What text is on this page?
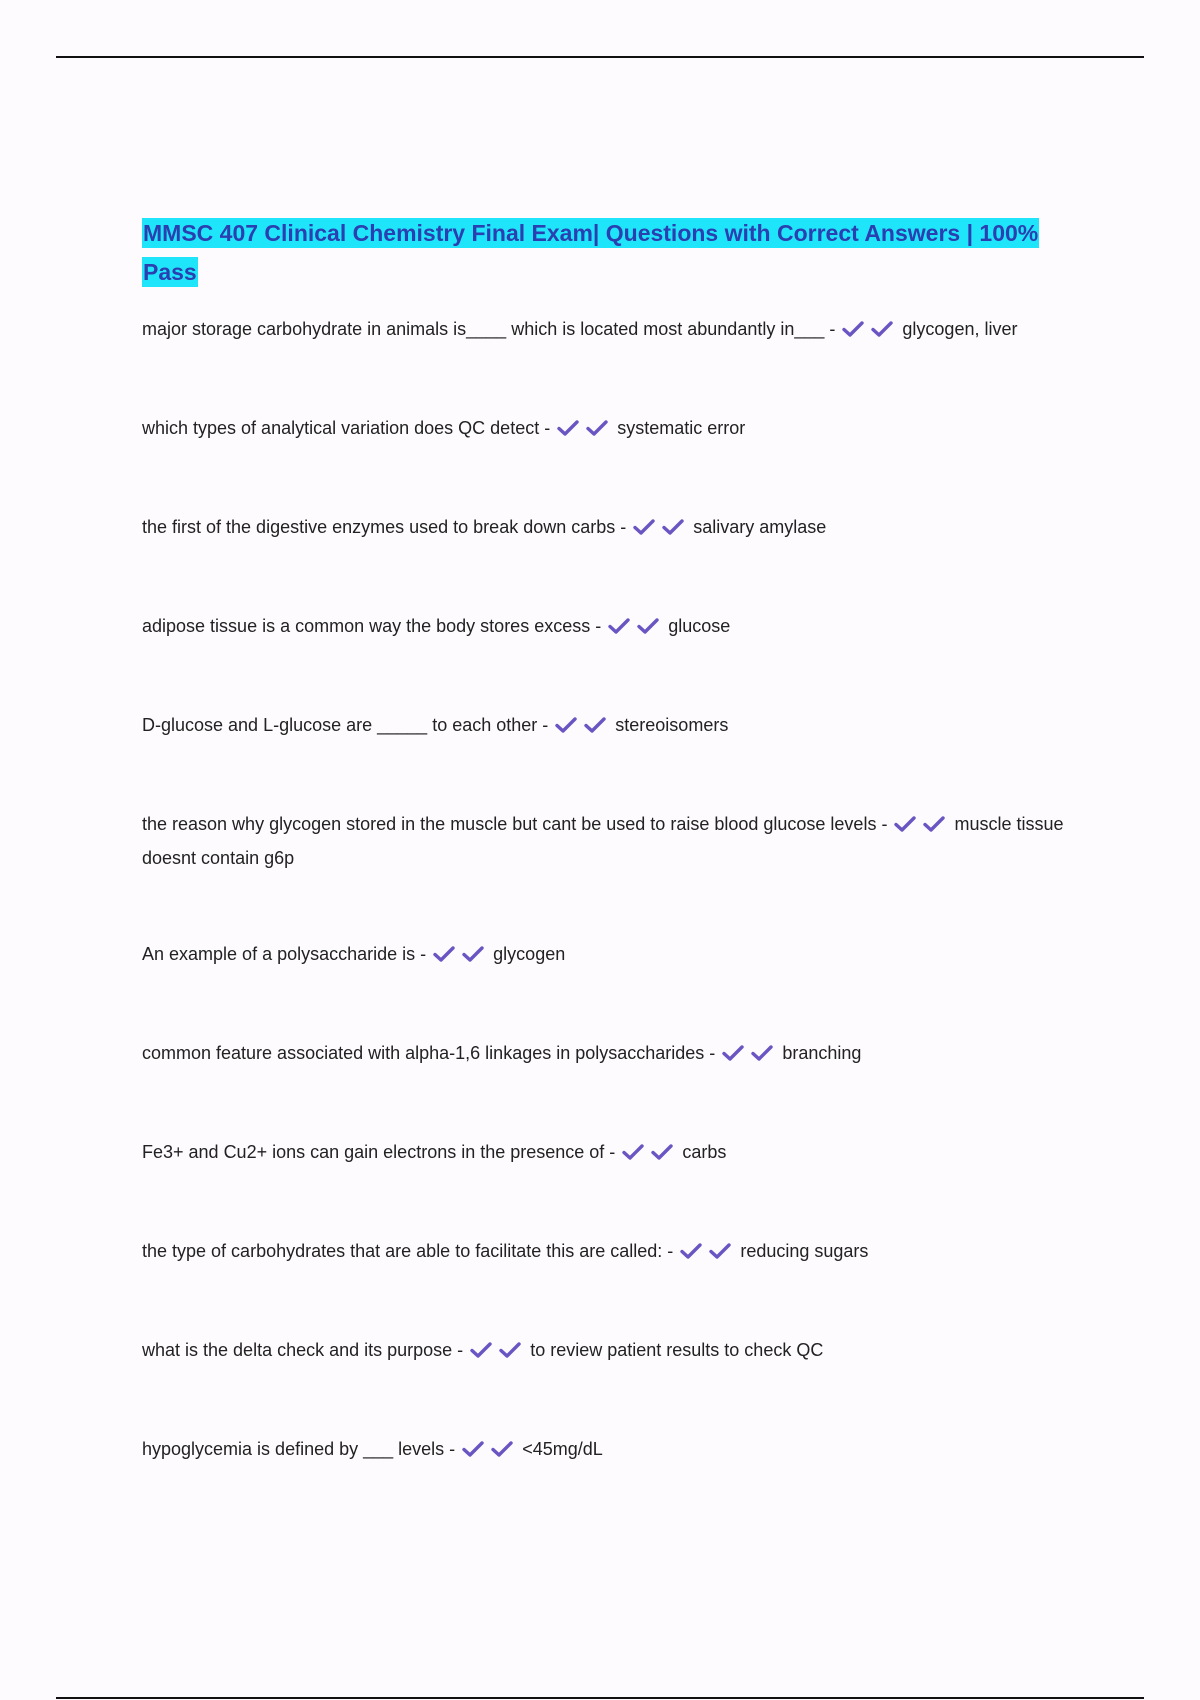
MMSC 407 Clinical Chemistry Final Exam| Questions with Correct Answers | 100% Pass
major storage carbohydrate in animals is____ which is located most abundantly in___ -	glycogen, liver
which types of analytical variation does QC detect -	systematic error
the first of the digestive enzymes used to break down carbs -	salivary amylase
adipose tissue is a common way the body stores excess -	glucose
D-glucose and L-glucose are _____ to each other -	stereoisomers
the reason why glycogen stored in the muscle but cant be used to raise blood glucose levels -	muscle tissue doesnt contain g6p
An example of a polysaccharide is -	glycogen
common feature associated with alpha-1,6 linkages in polysaccharides -	branching
Fe3+ and Cu2+ ions can gain electrons in the presence of -	carbs
the type of carbohydrates that are able to facilitate this are called: -	reducing sugars
what is the delta check and its purpose -	to review patient results to check QC
hypoglycemia is defined by ___ levels -	<45mg/dL
